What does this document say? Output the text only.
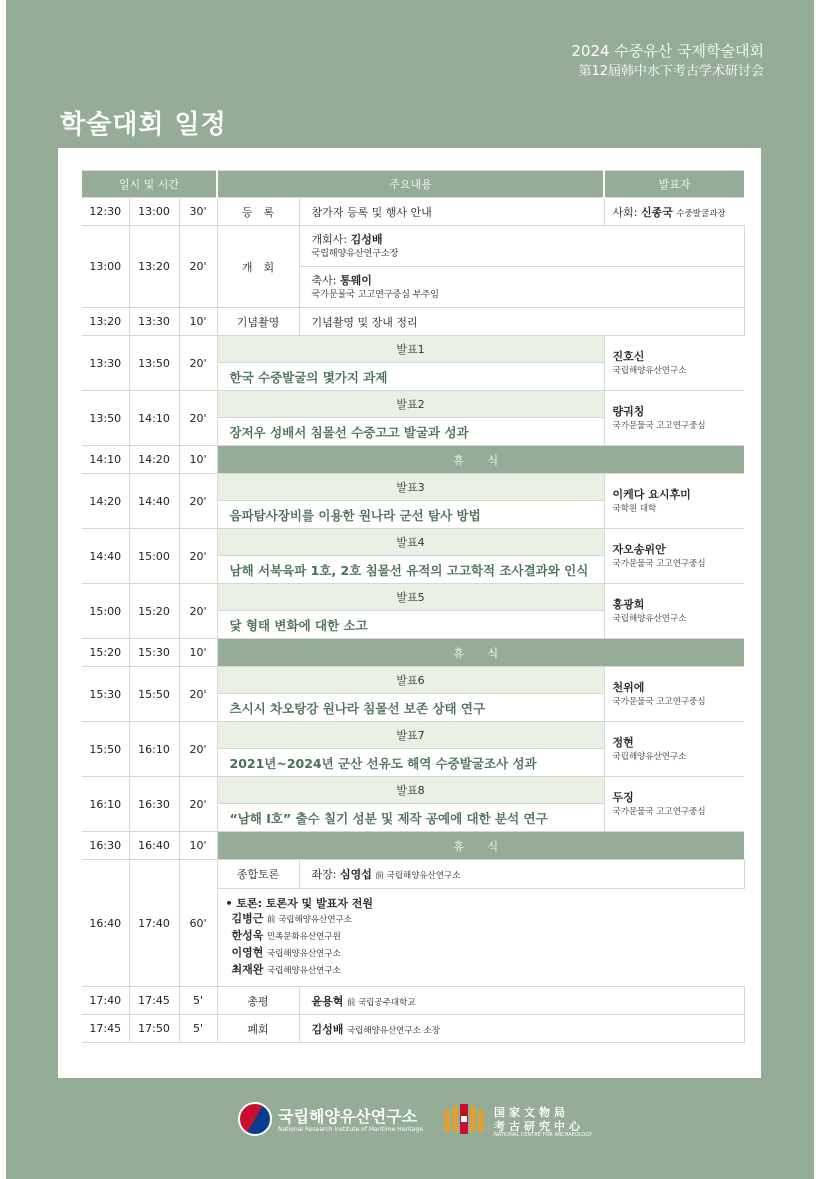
2024 수중유산 국제학술대회
第12屆韩中水下考古学术研讨会
학술대회 일정
일시 및 시간			주요내용		발표자
12:30	13:00	30'	등　록	참가자 등록 및 행사 안내	사회: 신종국 수중발굴과장
13:00	13:20	20'	개　회	개회사: 김성배
국립해양유산연구소장	

				축사: 통웨이
국가문물국 고고연구중심 부주임	

13:20	13:30	10'	기념촬영	기념촬영 및 장내 정리	
13:30	13:50	20'	발표1		진호신
국립해양유산연구소

			한국 수중발굴의 몇가지 과제		
13:50	14:10	20'	발표2		량궈칭
국가문물국 고고연구중심

			장저우 성배서 침몰선 수중고고 발굴과 성과		
14:10	14:20	10'	휴 식		
14:20	14:40	20'	발표3		이케다 요시후미
국학원 대학

			음파탐사장비를 이용한 원나라 군선 탐사 방법		
14:40	15:00	20'	발표4		자오송위안
국가문물국 고고연구중심

			남해 서북육파 1호, 2호 침몰선 유적의 고고학적 조사결과와 인식		
15:00	15:20	20'	발표5		홍광희
국립해양유산연구소

			닻 형태 변화에 대한 소고		
15:20	15:30	10'	휴 식		
15:30	15:50	20'	발표6		천위에
국가문물국 고고연구중심

			츠시시 차오탕강 원나라 침몰선 보존 상태 연구		
15:50	16:10	20'	발표7		정현
국립해양유산연구소

			2021년~2024년 군산 선유도 해역 수중발굴조사 성과		
16:10	16:30	20'	발표8		두징
국가문물국 고고연구중심

			“남해 I호” 출수 칠기 성분 및 제작 공예에 대한 분석 연구		
16:30	16:40	10'	휴 식		
16:40	17:40	60'	종합토론	좌장: 심영섭 前 국립해양유산연구소	

			• 토론: 토론자 및 발표자 전원
김병근 前 국립해양유산연구소
한성욱 민족문화유산연구원
이영현 국립해양유산연구소
최재완 국립해양유산연구소		

17:40	17:45	5'	총평	윤용혁 前 국립공주대학교	
17:45	17:50	5'	폐회	김성배 국립해양유산연구소 소장	
국립해양유산연구소
National Research Institute of Maritime Heritage
国家文物局
考古研究中心
NATIONAL CENTRE FOR ARCHAEOLOGY
